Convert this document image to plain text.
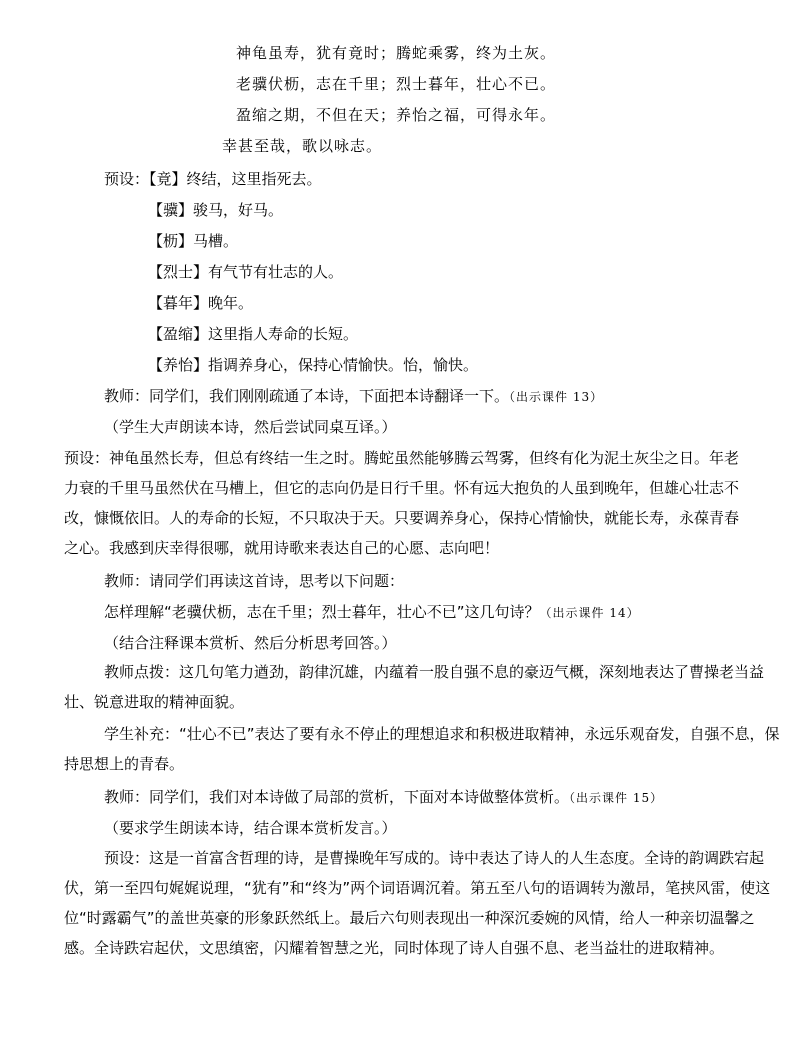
神龟虽寿，犹有竟时；腾蛇乘雾，终为土灰。
老骥伏枥，志在千里；烈士暮年，壮心不已。
盈缩之期，不但在天；养怡之福，可得永年。
幸甚至哉，歌以咏志。
预设：【竟】终结，这里指死去。
【骥】骏马，好马。
【枥】马槽。
【烈士】有气节有壮志的人。
【暮年】晚年。
【盈缩】这里指人寿命的长短。
【养怡】指调养身心，保持心情愉快。怡，愉快。
教师：同学们，我们刚刚疏通了本诗，下面把本诗翻译一下。（出示课件 13）
（学生大声朗读本诗，然后尝试同桌互译。）
预设：神龟虽然长寿，但总有终结一生之时。腾蛇虽然能够腾云驾雾，但终有化为泥土灰尘之日。年老力衰的千里马虽然伏在马槽上，但它的志向仍是日行千里。怀有远大抱负的人虽到晚年，但雄心壮志不改，慷慨依旧。人的寿命的长短，不只取决于天。只要调养身心，保持心情愉快，就能长寿，永葆青春之心。我感到庆幸得很哪，就用诗歌来表达自己的心愿、志向吧！
教师：请同学们再读这首诗，思考以下问题：
怎样理解“老骥伏枥，志在千里；烈士暮年，壮心不已”这几句诗？（出示课件 14）
（结合注释课本赏析、然后分析思考回答。）
教师点拨：这几句笔力遒劲，韵律沉雄，内蕴着一股自强不息的豪迈气概，深刻地表达了曹操老当益壮、锐意进取的精神面貌。
学生补充：“壮心不已”表达了要有永不停止的理想追求和积极进取精神，永远乐观奋发，自强不息，保持思想上的青春。
教师：同学们，我们对本诗做了局部的赏析，下面对本诗做整体赏析。（出示课件 15）
（要求学生朗读本诗，结合课本赏析发言。）
预设：这是一首富含哲理的诗，是曹操晚年写成的。诗中表达了诗人的人生态度。全诗的韵调跌宕起伏，第一至四句娓娓说理，“犹有”和“终为”两个词语调沉着。第五至八句的语调转为激昂，笔挟风雷，使这位“时露霸气”的盖世英豪的形象跃然纸上。最后六句则表现出一种深沉委婉的风情，给人一种亲切温馨之感。全诗跌宕起伏，文思缜密，闪耀着智慧之光，同时体现了诗人自强不息、老当益壮的进取精神。
